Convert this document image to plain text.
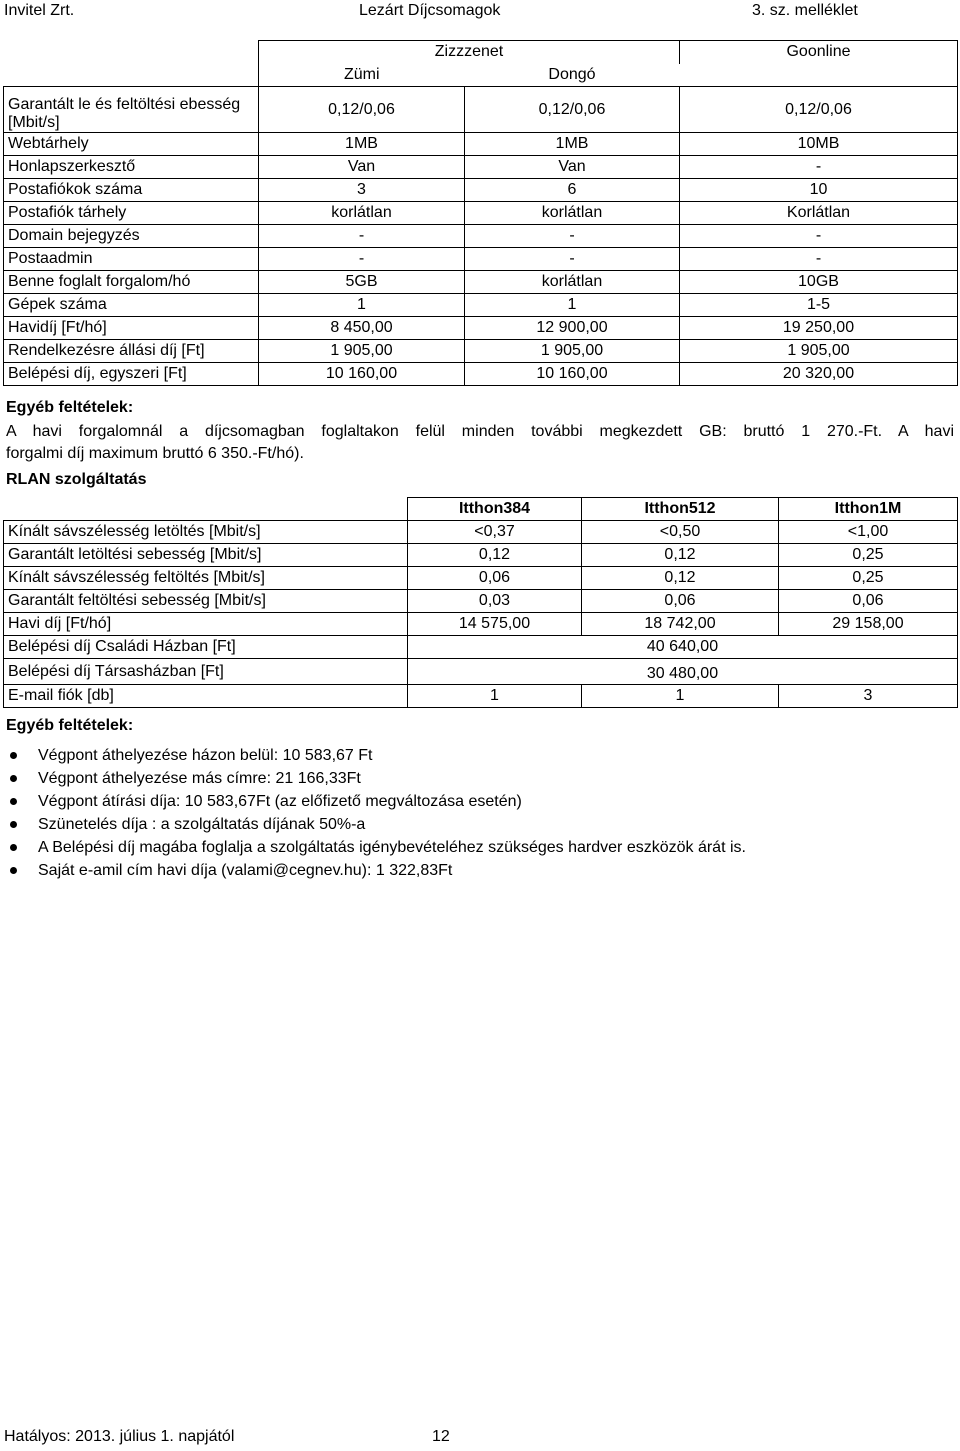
Invitel Zrt.	Lezárt Díjcsomagok	3. sz. melléklet
	Zizzzenet		Goonline
	Zümi	Dongó	
Garantált le és feltöltési ebesség [Mbit/s]	0,12/0,06	0,12/0,06	0,12/0,06
Webtárhely	1MB	1MB	10MB
Honlapszerkesztő	Van	Van	-
Postafiókok száma	3	6	10
Postafiók tárhely	korlátlan	korlátlan	Korlátlan
Domain bejegyzés	-	-	-
Postaadmin	-	-	-
Benne foglalt forgalom/hó	5GB	korlátlan	10GB
Gépek száma	1	1	1-5
Havidíj [Ft/hó]	8 450,00	12 900,00	19 250,00
Rendelkezésre állási díj [Ft]	1 905,00	1 905,00	1 905,00
Belépési díj, egyszeri [Ft]	10 160,00	10 160,00	20 320,00
Egyéb feltételek:
A havi forgalomnál a díjcsomagban foglaltakon felül minden további megkezdett GB: bruttó 1 270.-Ft. A havi
forgalmi díj maximum bruttó 6 350.-Ft/hó).
RLAN szolgáltatás
	Itthon384	Itthon512	Itthon1M
Kínált sávszélesség letöltés [Mbit/s]	<0,37	<0,50	<1,00
Garantált letöltési sebesség [Mbit/s]	0,12	0,12	0,25
Kínált sávszélesség feltöltés [Mbit/s]	0,06	0,12	0,25
Garantált feltöltési sebesség [Mbit/s]	0,03	0,06	0,06
Havi díj [Ft/hó]	14 575,00	18 742,00	29 158,00
Belépési díj Családi Házban [Ft]	40 640,00		
Belépési díj Társasházban [Ft]	30 480,00		
E-mail fiók [db]	1	1	3
Egyéb feltételek:
Végpont áthelyezése házon belül: 10 583,67 Ft
Végpont áthelyezése más címre: 21 166,33Ft
Végpont átírási díja: 10 583,67Ft (az előfizető megváltozása esetén)
Szünetelés díja : a szolgáltatás díjának 50%-a
A Belépési díj magába foglalja a szolgáltatás igénybevételéhez szükséges hardver eszközök árát is.
Saját e-amil cím havi díja (valami@cegnev.hu): 1 322,83Ft
Hatályos: 2013. július 1. napjától	12
